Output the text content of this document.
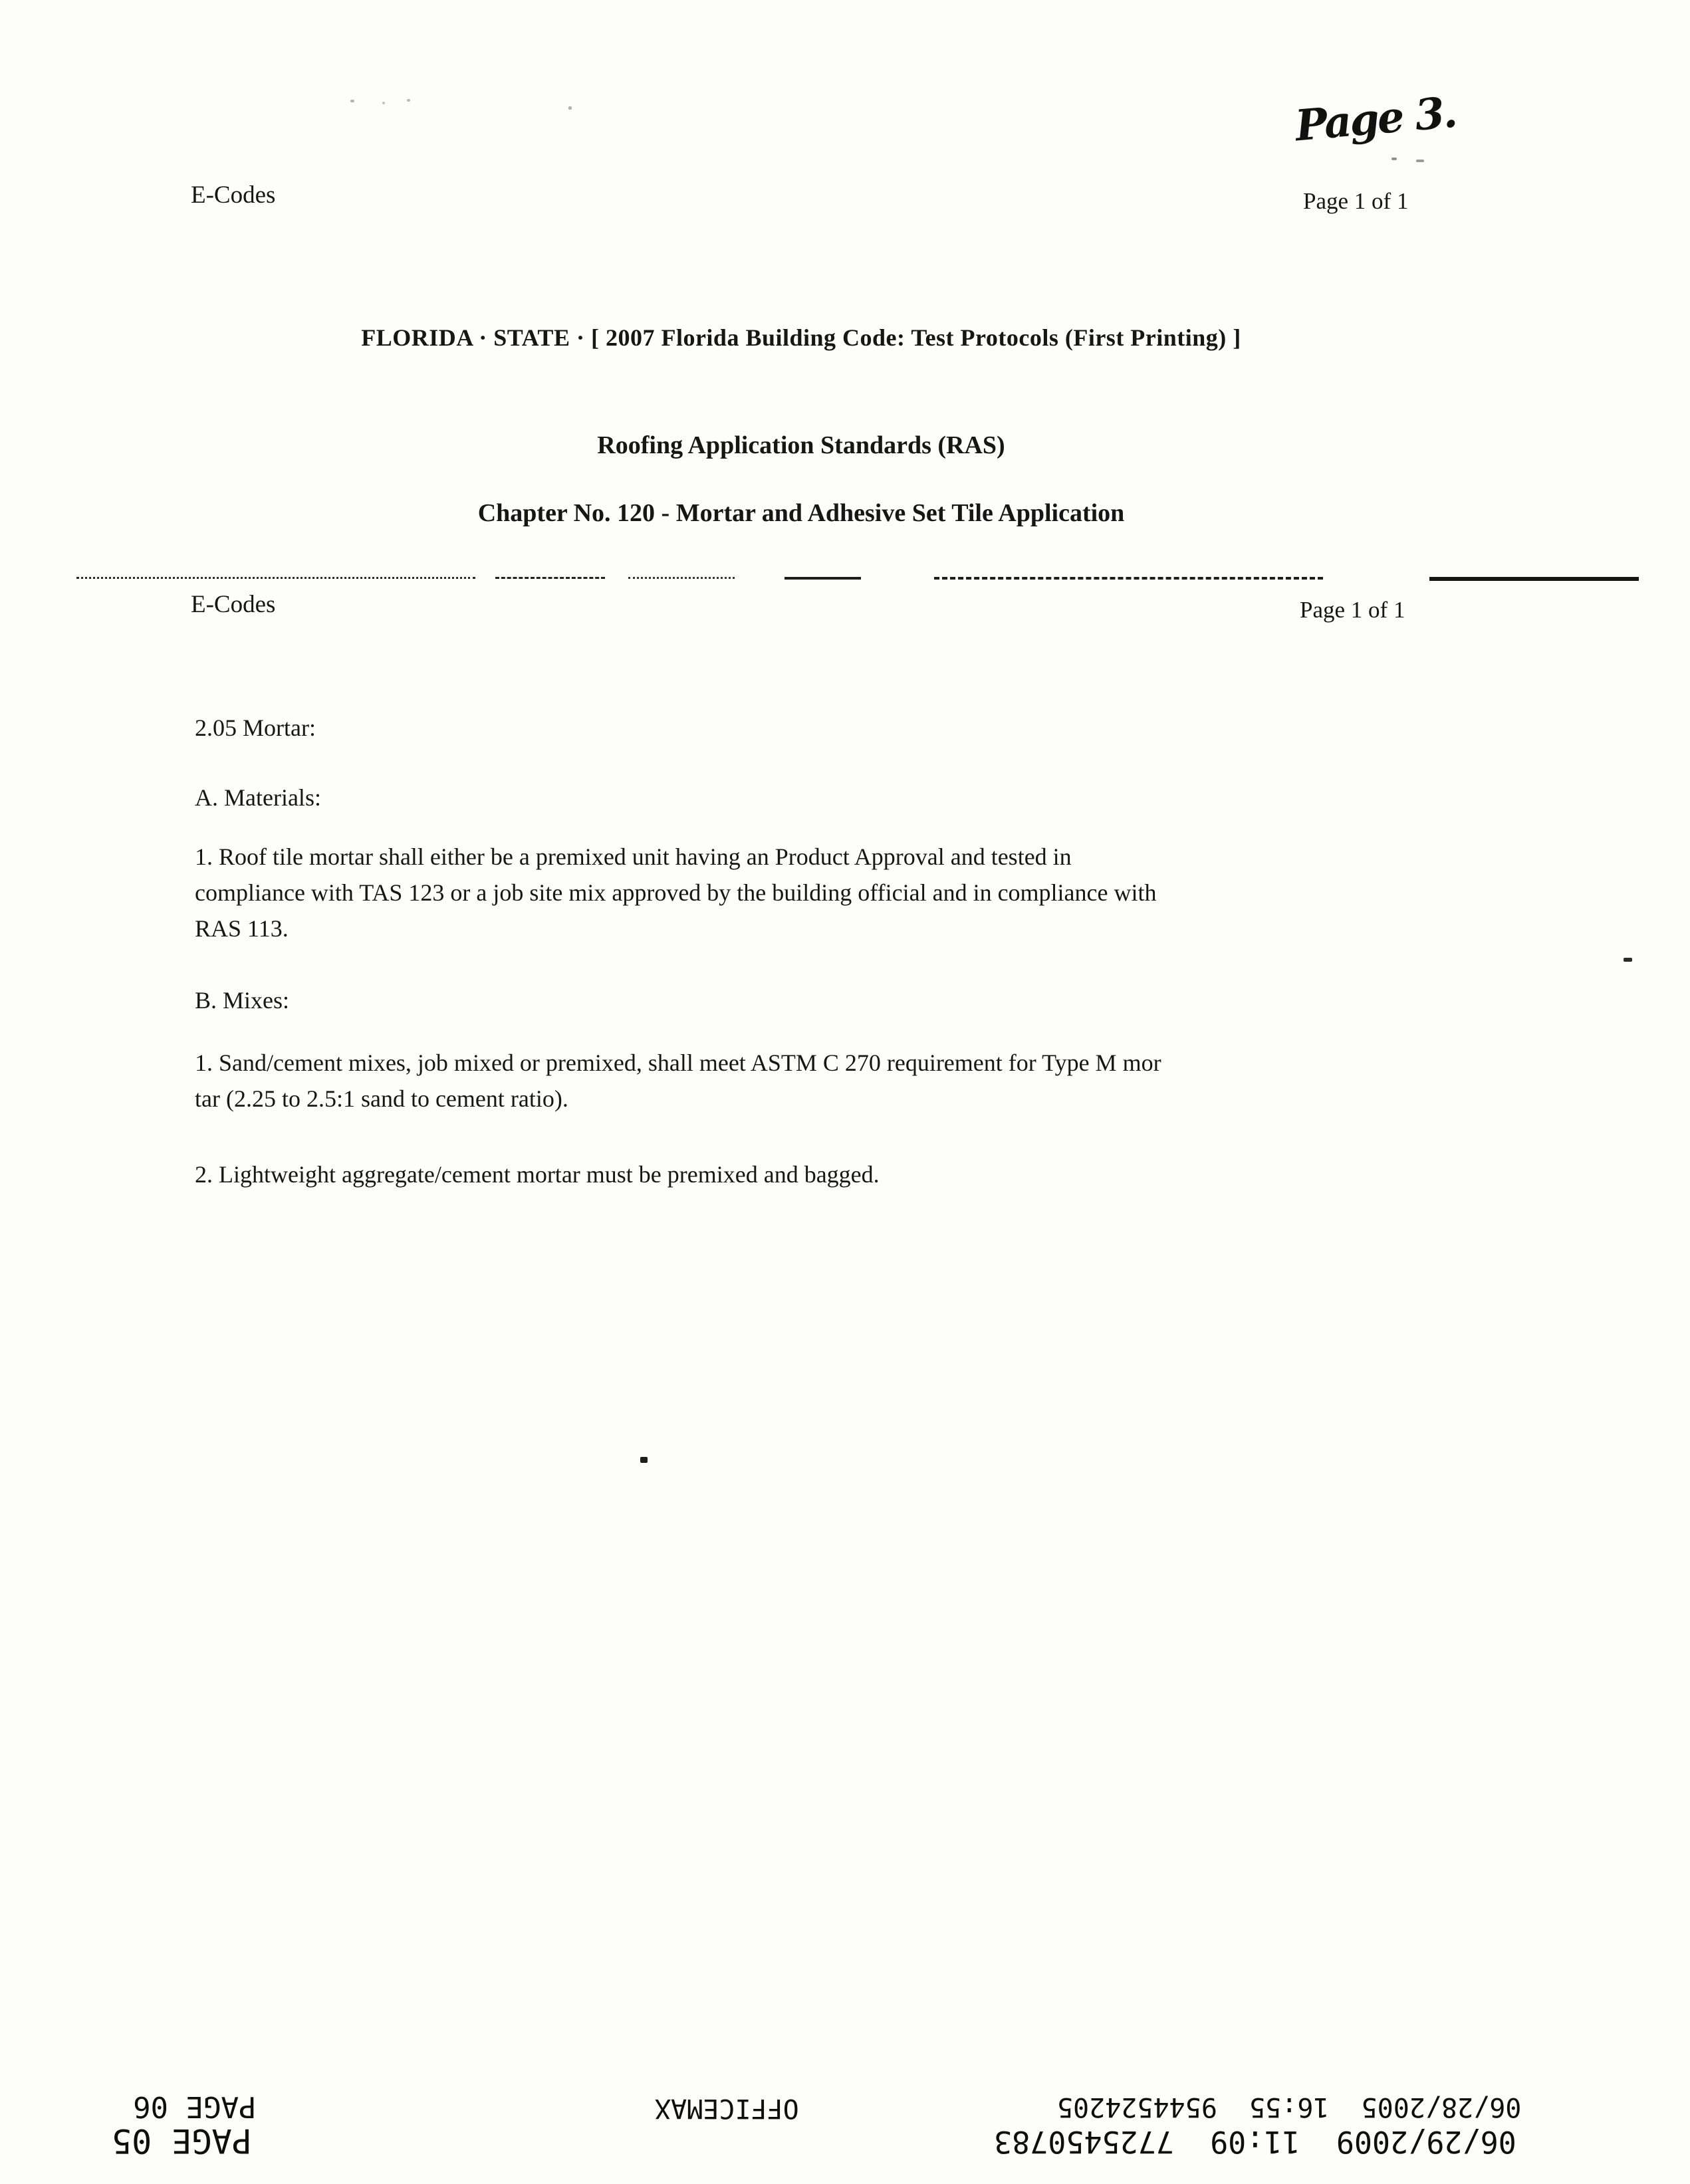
Page 3.
E-Codes	Page 1 of 1
FLORIDA · STATE · [ 2007 Florida Building Code: Test Protocols (First Printing) ]
Roofing Application Standards (RAS)
Chapter No. 120 - Mortar and Adhesive Set Tile Application
E-Codes	Page 1 of 1
2.05 Mortar:
A. Materials:
1. Roof tile mortar shall either be a premixed unit having an Product Approval and tested in
compliance with TAS 123 or a job site mix approved by the building official and in compliance with
RAS 113.
B. Mixes:
1. Sand/cement mixes, job mixed or premixed, shall meet ASTM C 270 requirement for Type M mor
tar (2.25 to 2.5:1 sand to cement ratio).
2. Lightweight aggregate/cement mortar must be premixed and bagged.
PAGE 06	OFFICEMAX	06/28/2005  16:55  9544524205
PAGE 05	06/29/2009  11:09  7725450783
